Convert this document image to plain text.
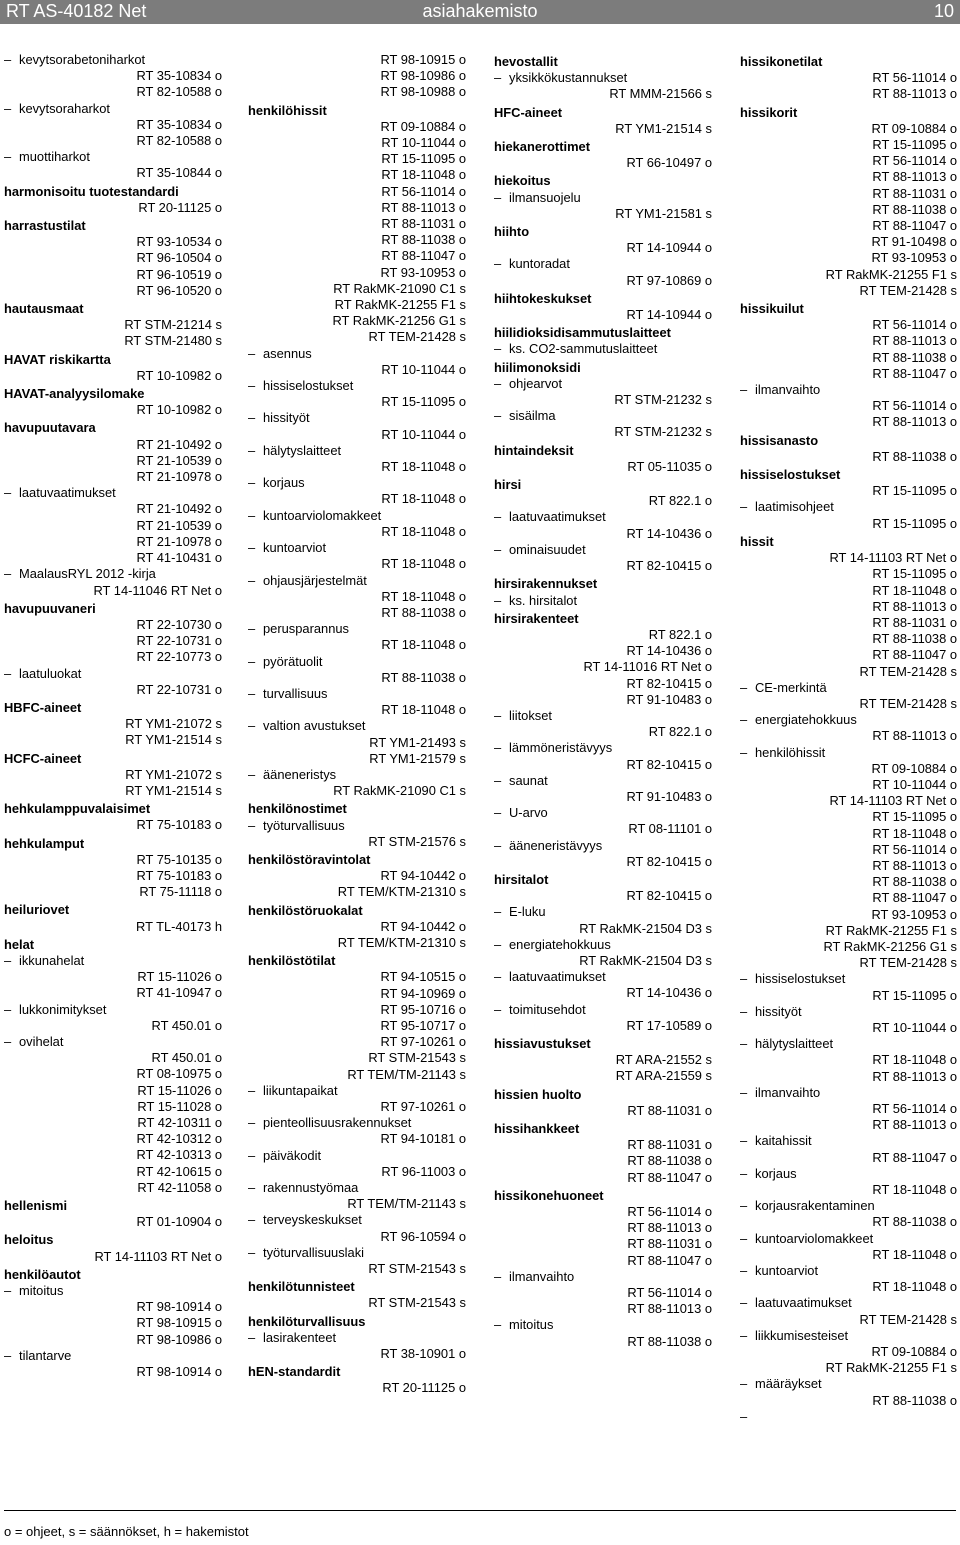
RT AS-40182 Net	asiahakemisto	10
– kevytsorabetoniharkot
RT 35-10834 o
RT 82-10588 o
– kevytsoraharkot
RT 35-10834 o
RT 82-10588 o
– muottiharkot
RT 35-10844 o
harmonisoitu tuotestandardi
RT 20-11125 o
harrastustilat
RT 93-10534 o
RT 96-10504 o
RT 96-10519 o
RT 96-10520 o
hautausmaat
RT STM-21214 s
RT STM-21480 s
HAVAT riskikartta
RT 10-10982 o
HAVAT-analyysilomake
RT 10-10982 o
havupuutavara
RT 21-10492 o
RT 21-10539 o
RT 21-10978 o
– laatuvaatimukset
RT 21-10492 o
RT 21-10539 o
RT 21-10978 o
RT 41-10431 o
– MaalausRYL 2012 -kirja
RT 14-11046 RT Net o
havupuuvaneri
RT 22-10730 o
RT 22-10731 o
RT 22-10773 o
– laatuluokat
RT 22-10731 o
HBFC-aineet
RT YM1-21072 s
RT YM1-21514 s
HCFC-aineet
RT YM1-21072 s
RT YM1-21514 s
hehkulamppuvalaisimet
RT 75-10183 o
hehkulamput
RT 75-10135 o
RT 75-10183 o
RT 75-11118 o
heiluriovet
RT TL-40173 h
helat
– ikkunahelat
RT 15-11026 o
RT 41-10947 o
– lukkonimitykset
RT 450.01 o
– ovihelat
RT 450.01 o
RT 08-10975 o
RT 15-11026 o
RT 15-11028 o
RT 42-10311 o
RT 42-10312 o
RT 42-10313 o
RT 42-10615 o
RT 42-11058 o
hellenismi
RT 01-10904 o
heloitus
RT 14-11103 RT Net o
henkilöautot
– mitoitus
RT 98-10914 o
RT 98-10915 o
RT 98-10986 o
– tilantarve
RT 98-10914 o
RT 98-10915 o
RT 98-10986 o
RT 98-10988 o
henkilöhissit
RT 09-10884 o
RT 10-11044 o
RT 15-11095 o
RT 18-11048 o
RT 56-11014 o
RT 88-11013 o
RT 88-11031 o
RT 88-11038 o
RT 88-11047 o
RT 93-10953 o
RT RakMK-21090 C1 s
RT RakMK-21255 F1 s
RT RakMK-21256 G1 s
RT TEM-21428 s
– asennus
RT 10-11044 o
– hissiselostukset
RT 15-11095 o
– hissityöt
RT 10-11044 o
– hälytyslaitteet
RT 18-11048 o
– korjaus
RT 18-11048 o
– kuntoarviolomakkeet
RT 18-11048 o
– kuntoarviot
RT 18-11048 o
– ohjausjärjestelmät
RT 18-11048 o
RT 88-11038 o
– perusparannus
RT 18-11048 o
– pyörätuolit
RT 88-11038 o
– turvallisuus
RT 18-11048 o
– valtion avustukset
RT YM1-21493 s
RT YM1-21579 s
– ääneneristys
RT RakMK-21090 C1 s
henkilönostimet
– työturvallisuus
RT STM-21576 s
henkilöstöravintolat
RT 94-10442 o
RT TEM/KTM-21310 s
henkilöstöruokalat
RT 94-10442 o
RT TEM/KTM-21310 s
henkilöstötilat
RT 94-10515 o
RT 94-10969 o
RT 95-10716 o
RT 95-10717 o
RT 97-10261 o
RT STM-21543 s
RT TEM/TM-21143 s
– liikuntapaikat
RT 97-10261 o
– pienteollisuusrakennukset
RT 94-10181 o
– päiväkodit
RT 96-11003 o
– rakennustyömaa
RT TEM/TM-21143 s
– terveyskeskukset
RT 96-10594 o
– työturvallisuuslaki
RT STM-21543 s
henkilötunnisteet
RT STM-21543 s
henkilöturvallisuus
– lasirakenteet
RT 38-10901 o
hEN-standardit
RT 20-11125 o
hevostallit
– yksikkökustannukset
RT MMM-21566 s
HFC-aineet
RT YM1-21514 s
hiekanerottimet
RT 66-10497 o
hiekoitus
– ilmansuojelu
RT YM1-21581 s
hiihto
RT 14-10944 o
– kuntoradat
RT 97-10869 o
hiihtokeskukset
RT 14-10944 o
hiilidioksidisammutuslaitteet
– ks. CO2-sammutuslaitteet
hiilimonoksidi
– ohjearvot
RT STM-21232 s
– sisäilma
RT STM-21232 s
hintaindeksit
RT 05-11035 o
hirsi
RT 822.1 o
– laatuvaatimukset
RT 14-10436 o
– ominaisuudet
RT 82-10415 o
hirsirakennukset
– ks. hirsitalot
hirsirakenteet
RT 822.1 o
RT 14-10436 o
RT 14-11016 RT Net o
RT 82-10415 o
RT 91-10483 o
– liitokset
RT 822.1 o
– lämmöneristävyys
RT 82-10415 o
– saunat
RT 91-10483 o
– U-arvo
RT 08-11101 o
– ääneneristävyys
RT 82-10415 o
hirsitalot
RT 82-10415 o
– E-luku
RT RakMK-21504 D3 s
– energiatehokkuus
RT RakMK-21504 D3 s
– laatuvaatimukset
RT 14-10436 o
– toimitusehdot
RT 17-10589 o
hissiavustukset
RT ARA-21552 s
RT ARA-21559 s
hissien huolto
RT 88-11031 o
hissihankkeet
RT 88-11031 o
RT 88-11038 o
RT 88-11047 o
hissikonehuoneet
RT 56-11014 o
RT 88-11013 o
RT 88-11031 o
RT 88-11047 o
– ilmanvaihto
RT 56-11014 o
RT 88-11013 o
– mitoitus
RT 88-11038 o
hissikonetilat
RT 56-11014 o
RT 88-11013 o
hissikorit
RT 09-10884 o
RT 15-11095 o
RT 56-11014 o
RT 88-11013 o
RT 88-11031 o
RT 88-11038 o
RT 88-11047 o
RT 91-10498 o
RT 93-10953 o
RT RakMK-21255 F1 s
RT TEM-21428 s
hissikuilut
RT 56-11014 o
RT 88-11013 o
RT 88-11038 o
RT 88-11047 o
– ilmanvaihto
RT 56-11014 o
RT 88-11013 o
hissisanasto
RT 88-11038 o
hissiselostukset
RT 15-11095 o
– laatimisohjeet
RT 15-11095 o
hissit
RT 14-11103 RT Net o
RT 15-11095 o
RT 18-11048 o
RT 88-11013 o
RT 88-11031 o
RT 88-11038 o
RT 88-11047 o
RT TEM-21428 s
– CE-merkintä
RT TEM-21428 s
– energiatehokkuus
RT 88-11013 o
– henkilöhissit
RT 09-10884 o
RT 10-11044 o
RT 14-11103 RT Net o
RT 15-11095 o
RT 18-11048 o
RT 56-11014 o
RT 88-11013 o
RT 88-11038 o
RT 88-11047 o
RT 93-10953 o
RT RakMK-21255 F1 s
RT RakMK-21256 G1 s
RT TEM-21428 s
– hissiselostukset
RT 15-11095 o
– hissityöt
RT 10-11044 o
– hälytyslaitteet
RT 18-11048 o
RT 88-11013 o
– ilmanvaihto
RT 56-11014 o
RT 88-11013 o
– kaitahissit
RT 88-11047 o
– korjaus
RT 18-11048 o
– korjausrakentaminen
RT 88-11038 o
– kuntoarviolomakkeet
RT 18-11048 o
– kuntoarviot
RT 18-11048 o
– laatuvaatimukset
RT TEM-21428 s
– liikkumisesteiset
RT 09-10884 o
RT RakMK-21255 F1 s
– määräykset
RT 88-11038 o
o = ohjeet, s = säännökset, h = hakemistot
